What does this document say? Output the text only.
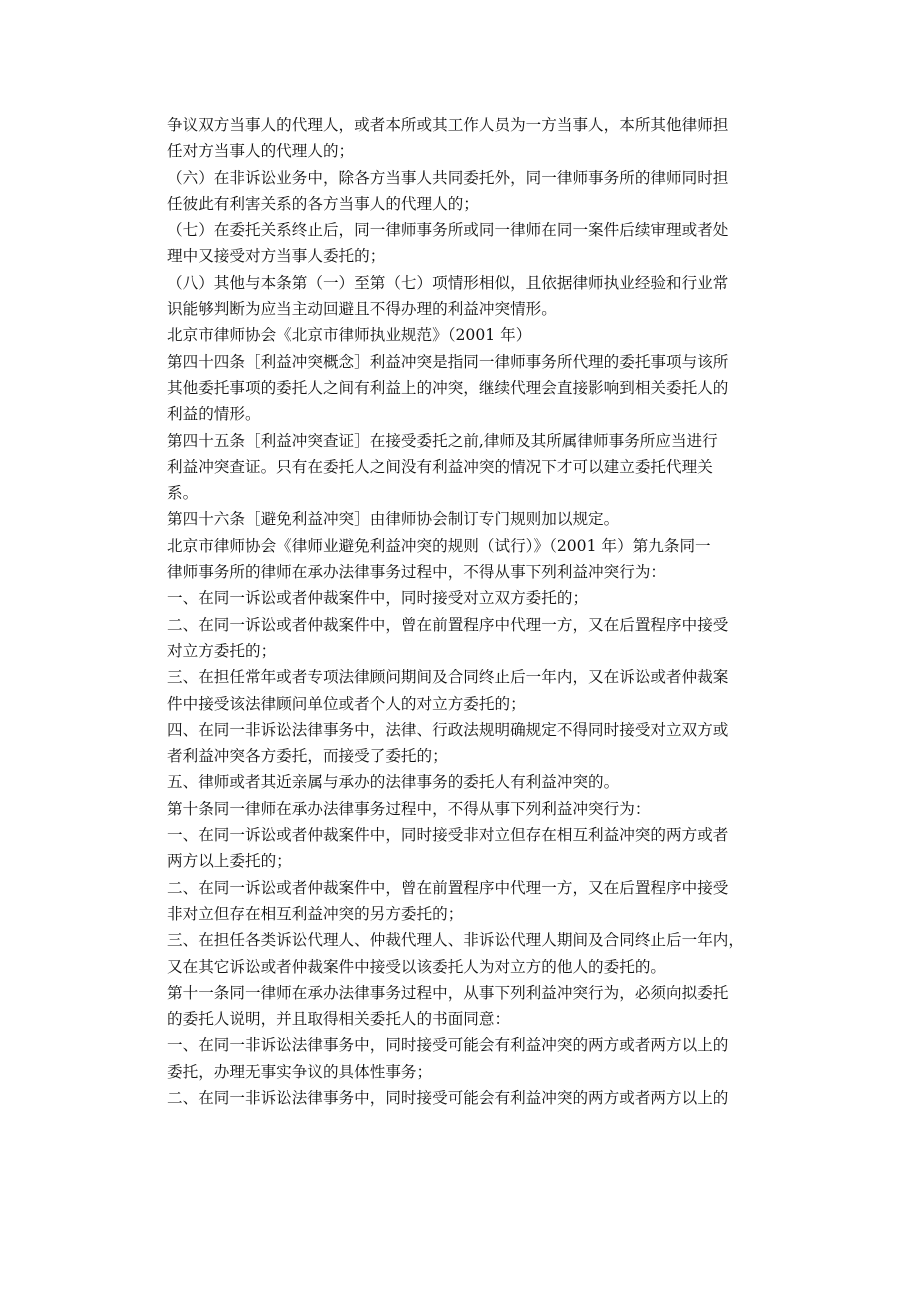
争议双方当事人的代理人，或者本所或其工作人员为一方当事人，本所其他律师担
任对方当事人的代理人的；

（六）在非诉讼业务中，除各方当事人共同委托外，同一律师事务所的律师同时担
任彼此有利害关系的各方当事人的代理人的；

（七）在委托关系终止后，同一律师事务所或同一律师在同一案件后续审理或者处
理中又接受对方当事人委托的；

（八）其他与本条第（一）至第（七）项情形相似，且依据律师执业经验和行业常
识能够判断为应当主动回避且不得办理的利益冲突情形。

北京市律师协会《北京市律师执业规范》（2001 年）

第四十四条［利益冲突概念］利益冲突是指同一律师事务所代理的委托事项与该所
其他委托事项的委托人之间有利益上的冲突，继续代理会直接影响到相关委托人的
利益的情形。

第四十五条［利益冲突查证］在接受委托之前,律师及其所属律师事务所应当进行
利益冲突查证。只有在委托人之间没有利益冲突的情况下才可以建立委托代理关
系。

第四十六条［避免利益冲突］由律师协会制订专门规则加以规定。

北京市律师协会《律师业避免利益冲突的规则（试行）》（2001 年）第九条同一
律师事务所的律师在承办法律事务过程中，不得从事下列利益冲突行为：

一、在同一诉讼或者仲裁案件中，同时接受对立双方委托的；

二、在同一诉讼或者仲裁案件中，曾在前置程序中代理一方，又在后置程序中接受
对立方委托的；

三、在担任常年或者专项法律顾问期间及合同终止后一年内，又在诉讼或者仲裁案
件中接受该法律顾问单位或者个人的对立方委托的；

四、在同一非诉讼法律事务中，法律、行政法规明确规定不得同时接受对立双方或
者利益冲突各方委托，而接受了委托的；

五、律师或者其近亲属与承办的法律事务的委托人有利益冲突的。

第十条同一律师在承办法律事务过程中，不得从事下列利益冲突行为：

一、在同一诉讼或者仲裁案件中，同时接受非对立但存在相互利益冲突的两方或者
两方以上委托的；

二、在同一诉讼或者仲裁案件中，曾在前置程序中代理一方，又在后置程序中接受
非对立但存在相互利益冲突的另方委托的；

三、在担任各类诉讼代理人、仲裁代理人、非诉讼代理人期间及合同终止后一年内，
又在其它诉讼或者仲裁案件中接受以该委托人为对立方的他人的委托的。

第十一条同一律师在承办法律事务过程中，从事下列利益冲突行为，必须向拟委托
的委托人说明，并且取得相关委托人的书面同意：

一、在同一非诉讼法律事务中，同时接受可能会有利益冲突的两方或者两方以上的
委托，办理无事实争议的具体性事务；

二、在同一非诉讼法律事务中，同时接受可能会有利益冲突的两方或者两方以上的
